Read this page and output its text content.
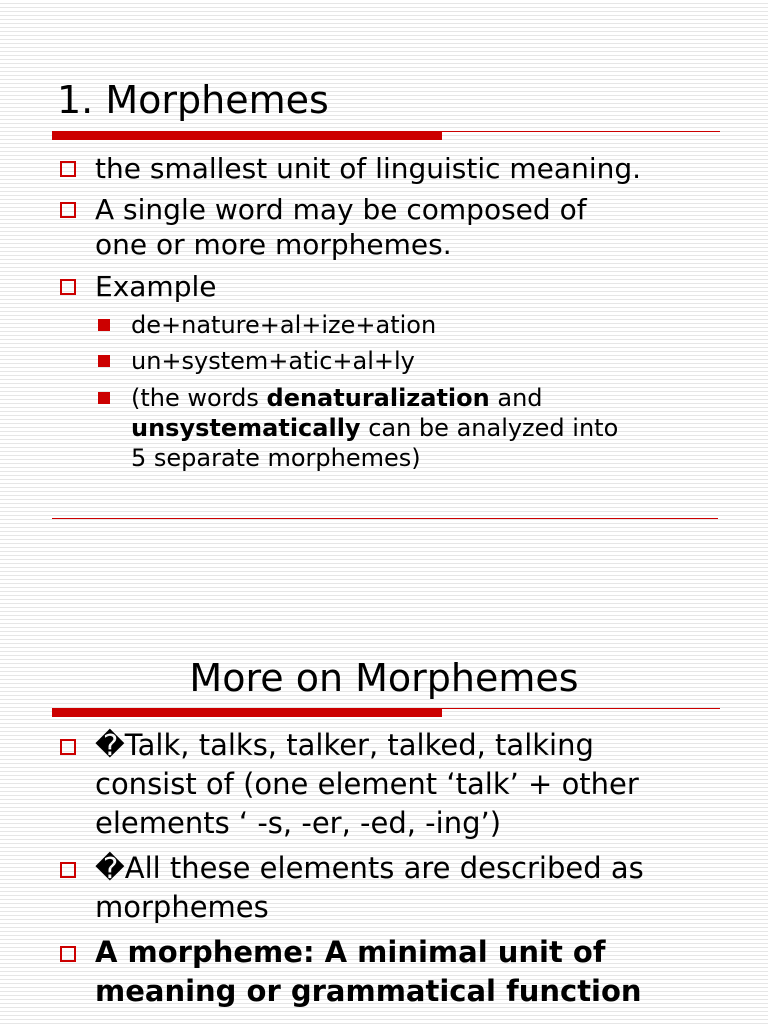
1. Morphemes
the smallest unit of linguistic meaning.
A single word may be composed of
one or more morphemes.
Example
de+nature+al+ize+ation
un+system+atic+al+ly
(the words denaturalization and
unsystematically can be analyzed into
5 separate morphemes)
More on Morphemes
�Talk, talks, talker, talked, talking
consist of (one element ‘talk’ + other
elements ‘ -s, -er, -ed, -ing’)
�All these elements are described as
morphemes
A morpheme: A minimal unit of
meaning or grammatical function
